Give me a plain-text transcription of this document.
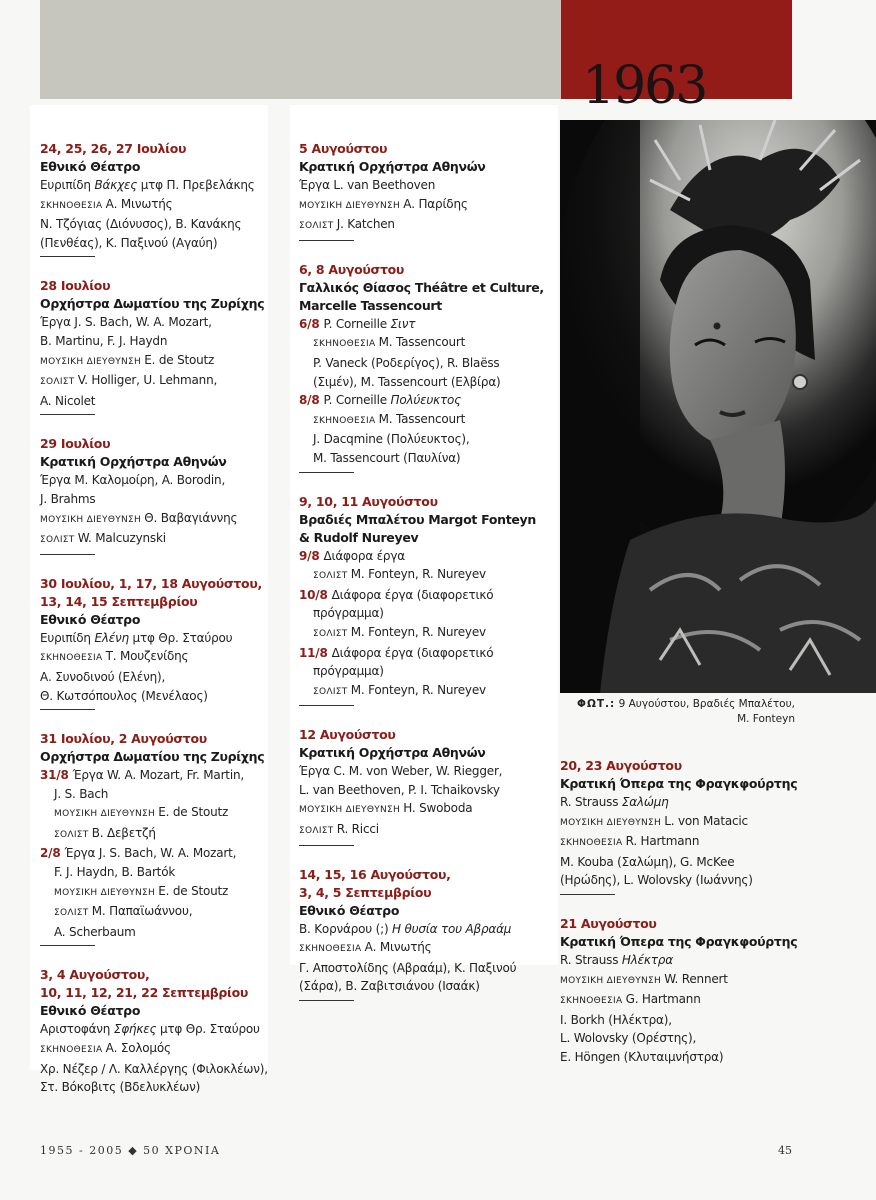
1963
24, 25, 26, 27 Ιουλίου
Εθνικό Θέατρο
Ευριπίδη Βάκχες μτφ Π. Πρεβελάκης
ΣΚΗΝΟΘΕΣΙΑ Α. Μινωτής
Ν. Τζόγιας (Διόνυσος), Β. Κανάκης
(Πενθέας), Κ. Παξινού (Αγαύη)
28 Ιουλίου
Ορχήστρα Δωματίου της Ζυρίχης
Έργα J. S. Bach, W. A. Mozart,
B. Martinu, F. J. Haydn
ΜΟΥΣΙΚΗ ΔΙΕΥΘΥΝΣΗ E. de Stoutz
ΣΟΛΙΣΤ V. Holliger, U. Lehmann,
A. Nicolet
29 Ιουλίου
Κρατική Ορχήστρα Αθηνών
Έργα Μ. Καλομοίρη, A. Borodin,
J. Brahms
ΜΟΥΣΙΚΗ ΔΙΕΥΘΥΝΣΗ Θ. Βαβαγιάννης
ΣΟΛΙΣΤ W. Malcuzynski
30 Ιουλίου, 1, 17, 18 Αυγούστου,
13, 14, 15 Σεπτεμβρίου
Εθνικό Θέατρο
Ευριπίδη Ελένη μτφ Θρ. Σταύρου
ΣΚΗΝΟΘΕΣΙΑ Τ. Μουζενίδης
Α. Συνοδινού (Ελένη),
Θ. Κωτσόπουλος (Μενέλαος)
31 Ιουλίου, 2 Αυγούστου
Ορχήστρα Δωματίου της Ζυρίχης
31/8 Έργα W. A. Mozart, Fr. Martin,
J. S. Bach
ΜΟΥΣΙΚΗ ΔΙΕΥΘΥΝΣΗ E. de Stoutz
ΣΟΛΙΣΤ Β. Δεβετζή
2/8 Έργα J. S. Bach, W. A. Mozart,
F. J. Haydn, B. Bartók
ΜΟΥΣΙΚΗ ΔΙΕΥΘΥΝΣΗ E. de Stoutz
ΣΟΛΙΣΤ Μ. Παπαϊωάννου,
A. Scherbaum
3, 4 Αυγούστου,
10, 11, 12, 21, 22 Σεπτεμβρίου
Εθνικό Θέατρο
Αριστοφάνη Σφήκες μτφ Θρ. Σταύρου
ΣΚΗΝΟΘΕΣΙΑ Α. Σολομός
Χρ. Νέζερ / Λ. Καλλέργης (Φιλοκλέων),
Στ. Βόκοβιτς (Βδελυκλέων)
5 Αυγούστου
Κρατική Ορχήστρα Αθηνών
Έργα L. van Beethoven
ΜΟΥΣΙΚΗ ΔΙΕΥΘΥΝΣΗ Α. Παρίδης
ΣΟΛΙΣΤ J. Katchen
6, 8 Αυγούστου
Γαλλικός Θίασος Théâtre et Culture,
Marcelle Tassencourt
6/8 P. Corneille Σιντ
ΣΚΗΝΟΘΕΣΙΑ M. Tassencourt
P. Vaneck (Ροδερίγος), R. Blaëss
(Σιμέν), M. Tassencourt (Ελβίρα)
8/8 P. Corneille Πολύευκτος
ΣΚΗΝΟΘΕΣΙΑ M. Tassencourt
J. Dacqmine (Πολύευκτος),
M. Tassencourt (Παυλίνα)
9, 10, 11 Αυγούστου
Βραδιές Μπαλέτου Margot Fonteyn
& Rudolf Nureyev
9/8 Διάφορα έργα
ΣΟΛΙΣΤ M. Fonteyn, R. Nureyev
10/8 Διάφορα έργα (διαφορετικό
πρόγραμμα)
ΣΟΛΙΣΤ M. Fonteyn, R. Nureyev
11/8 Διάφορα έργα (διαφορετικό
πρόγραμμα)
ΣΟΛΙΣΤ M. Fonteyn, R. Nureyev
12 Αυγούστου
Κρατική Ορχήστρα Αθηνών
Έργα C. M. von Weber, W. Riegger,
L. van Beethoven, P. I. Tchaikovsky
ΜΟΥΣΙΚΗ ΔΙΕΥΘΥΝΣΗ H. Swoboda
ΣΟΛΙΣΤ R. Ricci
14, 15, 16 Αυγούστου,
3, 4, 5 Σεπτεμβρίου
Εθνικό Θέατρο
Β. Κορνάρου (;) Η θυσία του Αβραάμ
ΣΚΗΝΟΘΕΣΙΑ Α. Μινωτής
Γ. Αποστολίδης (Αβραάμ), Κ. Παξινού
(Σάρα), Β. Ζαβιτσιάνου (Ισαάκ)
ΦΩΤ.: 9 Αυγούστου, Βραδιές Μπαλέτου, M. Fonteyn
20, 23 Αυγούστου
Κρατική Όπερα της Φραγκφούρτης
R. Strauss Σαλώμη
ΜΟΥΣΙΚΗ ΔΙΕΥΘΥΝΣΗ L. von Matacic
ΣΚΗΝΟΘΕΣΙΑ R. Hartmann
M. Kouba (Σαλώμη), G. McKee
(Ηρώδης), L. Wolovsky (Ιωάννης)
21 Αυγούστου
Κρατική Όπερα της Φραγκφούρτης
R. Strauss Ηλέκτρα
ΜΟΥΣΙΚΗ ΔΙΕΥΘΥΝΣΗ W. Rennert
ΣΚΗΝΟΘΕΣΙΑ G. Hartmann
I. Borkh (Ηλέκτρα),
L. Wolovsky (Ορέστης),
E. Höngen (Κλυταιμνήστρα)
1955 - 2005 ◆ 50 ΧΡΟΝΙΑ	45
